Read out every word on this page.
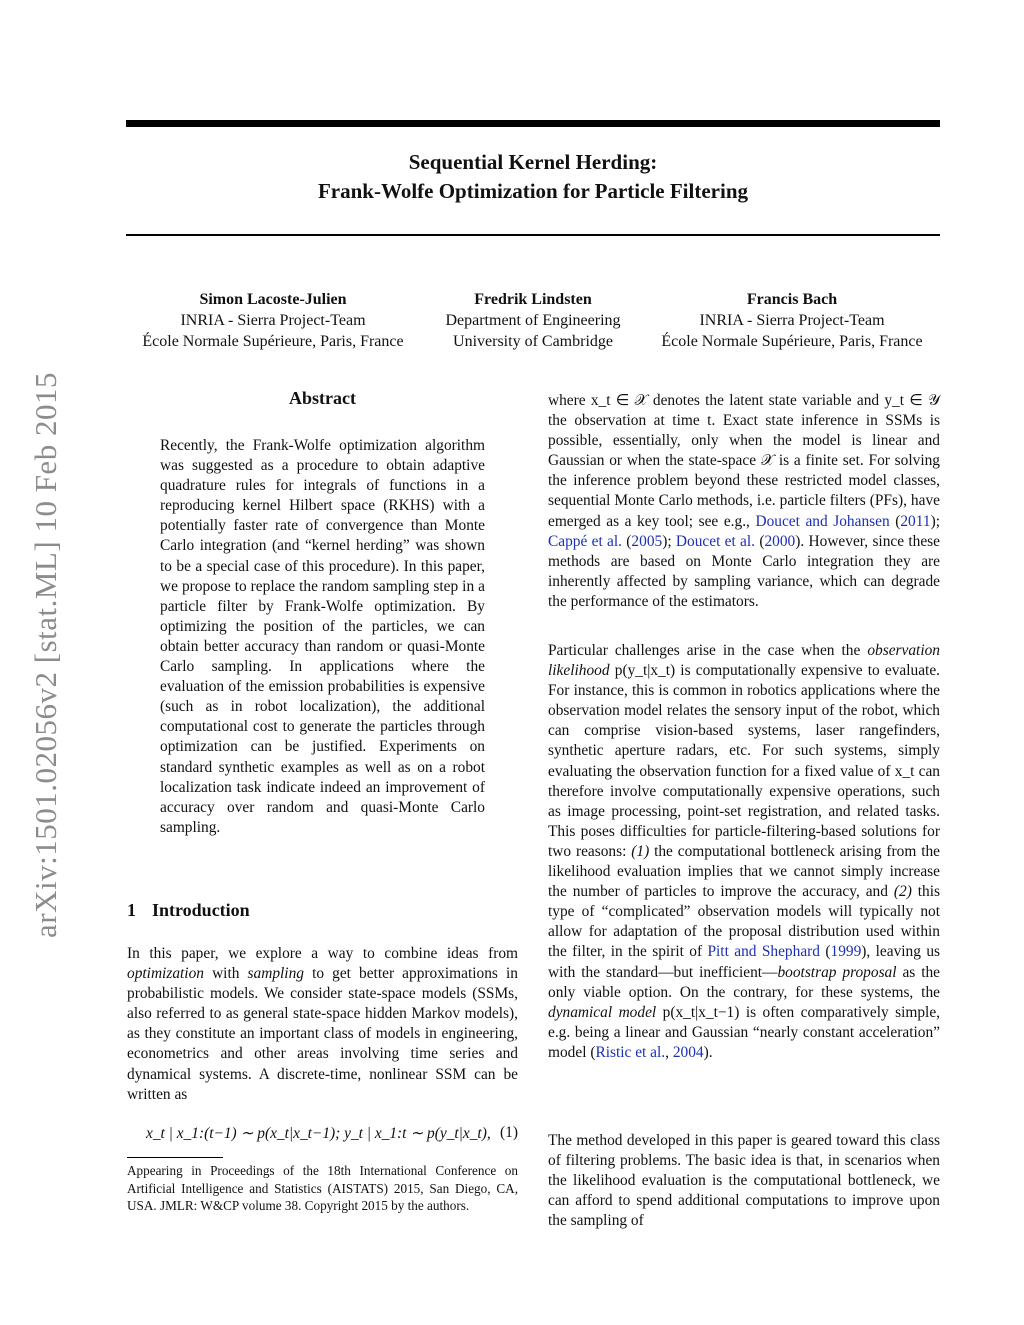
Sequential Kernel Herding:
Frank-Wolfe Optimization for Particle Filtering
Simon Lacoste-Julien
INRIA - Sierra Project-Team
École Normale Supérieure, Paris, France
Fredrik Lindsten
Department of Engineering
University of Cambridge
Francis Bach
INRIA - Sierra Project-Team
École Normale Supérieure, Paris, France
arXiv:1501.02056v2 [stat.ML] 10 Feb 2015	Abstract

Recently, the Frank-Wolfe optimization algorithm was suggested as a procedure to obtain adaptive quadrature rules for integrals of functions in a reproducing kernel Hilbert space (RKHS) with a potentially faster rate of convergence than Monte Carlo integration (and “kernel herding” was shown to be a special case of this procedure). In this paper, we propose to replace the random sampling step in a particle filter by Frank-Wolfe optimization. By optimizing the position of the particles, we can obtain better accuracy than random or quasi-Monte Carlo sampling. In applications where the evaluation of the emission probabilities is expensive (such as in robot localization), the additional computational cost to generate the particles through optimization can be justified. Experiments on standard synthetic examples as well as on a robot localization task indicate indeed an improvement of accuracy over random and quasi-Monte Carlo sampling.

1 Introduction

In this paper, we explore a way to combine ideas from optimization with sampling to get better approximations in probabilistic models. We consider state-space models (SSMs, also referred to as general state-space hidden Markov models), as they constitute an important class of models in engineering, econometrics and other areas involving time series and dynamical systems. A discrete-time, nonlinear SSM can be written as

x_t | x_1:(t−1) ∼ p(x_t|x_t−1); y_t | x_1:t ∼ p(y_t|x_t), (1)

Appearing in Proceedings of the 18th International Conference on Artificial Intelligence and Statistics (AISTATS) 2015, San Diego, CA, USA. JMLR: W&CP volume 38. Copyright 2015 by the authors.

where x_t ∈ 𝒳 denotes the latent state variable and y_t ∈ 𝒴 the observation at time t. Exact state inference in SSMs is possible, essentially, only when the model is linear and Gaussian or when the state-space 𝒳 is a finite set. For solving the inference problem beyond these restricted model classes, sequential Monte Carlo methods, i.e. particle filters (PFs), have emerged as a key tool; see e.g., Doucet and Johansen (2011); Cappé et al. (2005); Doucet et al. (2000). However, since these methods are based on Monte Carlo integration they are inherently affected by sampling variance, which can degrade the performance of the estimators.

Particular challenges arise in the case when the observation likelihood p(y_t|x_t) is computationally expensive to evaluate. For instance, this is common in robotics applications where the observation model relates the sensory input of the robot, which can comprise vision-based systems, laser rangefinders, synthetic aperture radars, etc. For such systems, simply evaluating the observation function for a fixed value of x_t can therefore involve computationally expensive operations, such as image processing, point-set registration, and related tasks. This poses difficulties for particle-filtering-based solutions for two reasons: (1) the computational bottleneck arising from the likelihood evaluation implies that we cannot simply increase the number of particles to improve the accuracy, and (2) this type of “complicated” observation models will typically not allow for adaptation of the proposal distribution used within the filter, in the spirit of Pitt and Shephard (1999), leaving us with the standard—but inefficient—bootstrap proposal as the only viable option. On the contrary, for these systems, the dynamical model p(x_t|x_t−1) is often comparatively simple, e.g. being a linear and Gaussian “nearly constant acceleration” model (Ristic et al., 2004).

The method developed in this paper is geared toward this class of filtering problems. The basic idea is that, in scenarios when the likelihood evaluation is the computational bottleneck, we can afford to spend additional computations to improve upon the sampling of
